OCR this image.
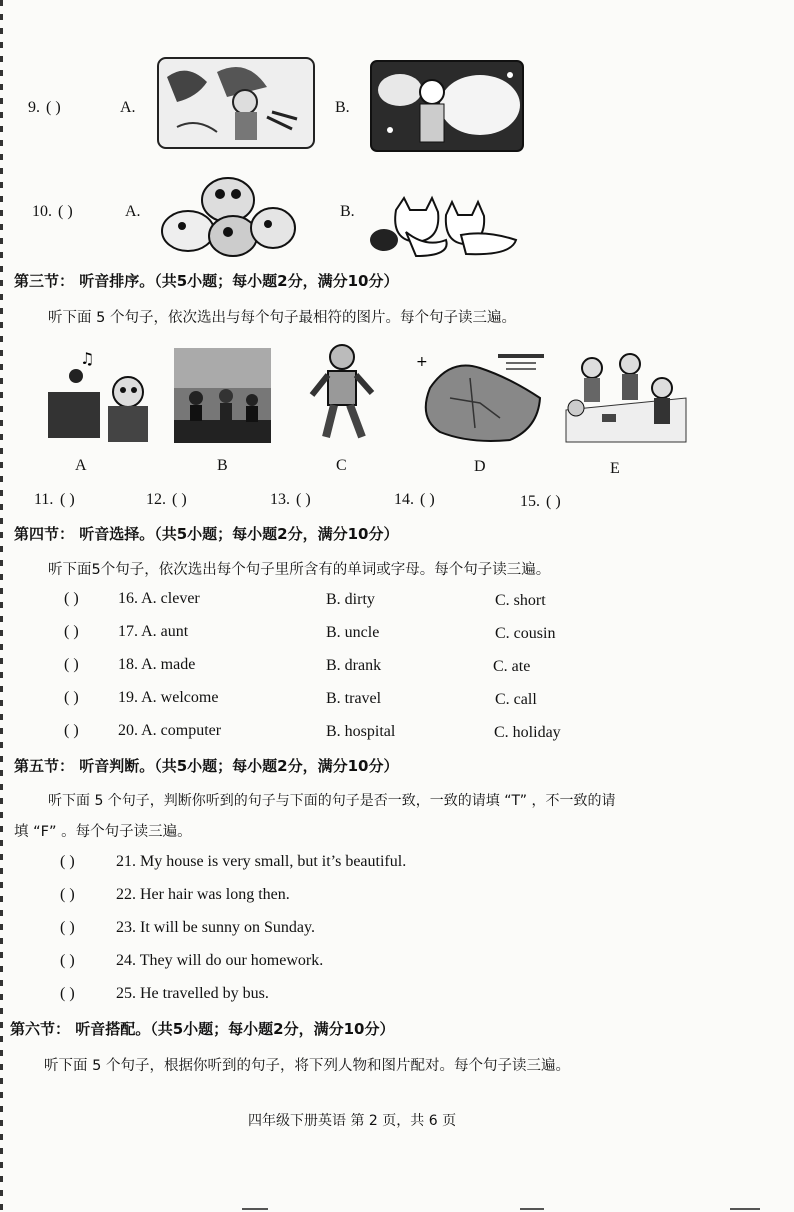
9. ( )	A.	B.
10. ( )	A.	B.
第三节： 听音排序。（共5小题；每小题2分，满分10分）
听下面 5 个句子，依次选出与每个句子最相符的图片。每个句子读三遍。
♫	+
A	B	C	D	E
11. ( )	12. ( )	13. ( )	14. ( )	15. ( )
第四节： 听音选择。（共5小题；每小题2分，满分10分）
听下面5个句子，依次选出每个句子里所含有的单词或字母。每个句子读三遍。
( ) 16. A. clever	B. dirty	C. short
( ) 17. A. aunt	B. uncle	C. cousin
( ) 18. A. made	B. drank	C. ate
( ) 19. A. welcome	B. travel	C. call
( ) 20. A. computer	B. hospital	C. holiday
第五节： 听音判断。（共5小题；每小题2分，满分10分）
听下面 5 个句子，判断你听到的句子与下面的句子是否一致，一致的请填 “T” ，不一致的请
填 “F” 。每个句子读三遍。
( )	21. My house is very small, but it’s beautiful.
( )	22. Her hair was long then.
( )	23. It will be sunny on Sunday.
( )	24. They will do our homework.
( )	25. He travelled by bus.
第六节： 听音搭配。（共5小题；每小题2分，满分10分）
听下面 5 个句子，根据你听到的句子，将下列人物和图片配对。每个句子读三遍。
四年级下册英语 第 2 页，共 6 页
